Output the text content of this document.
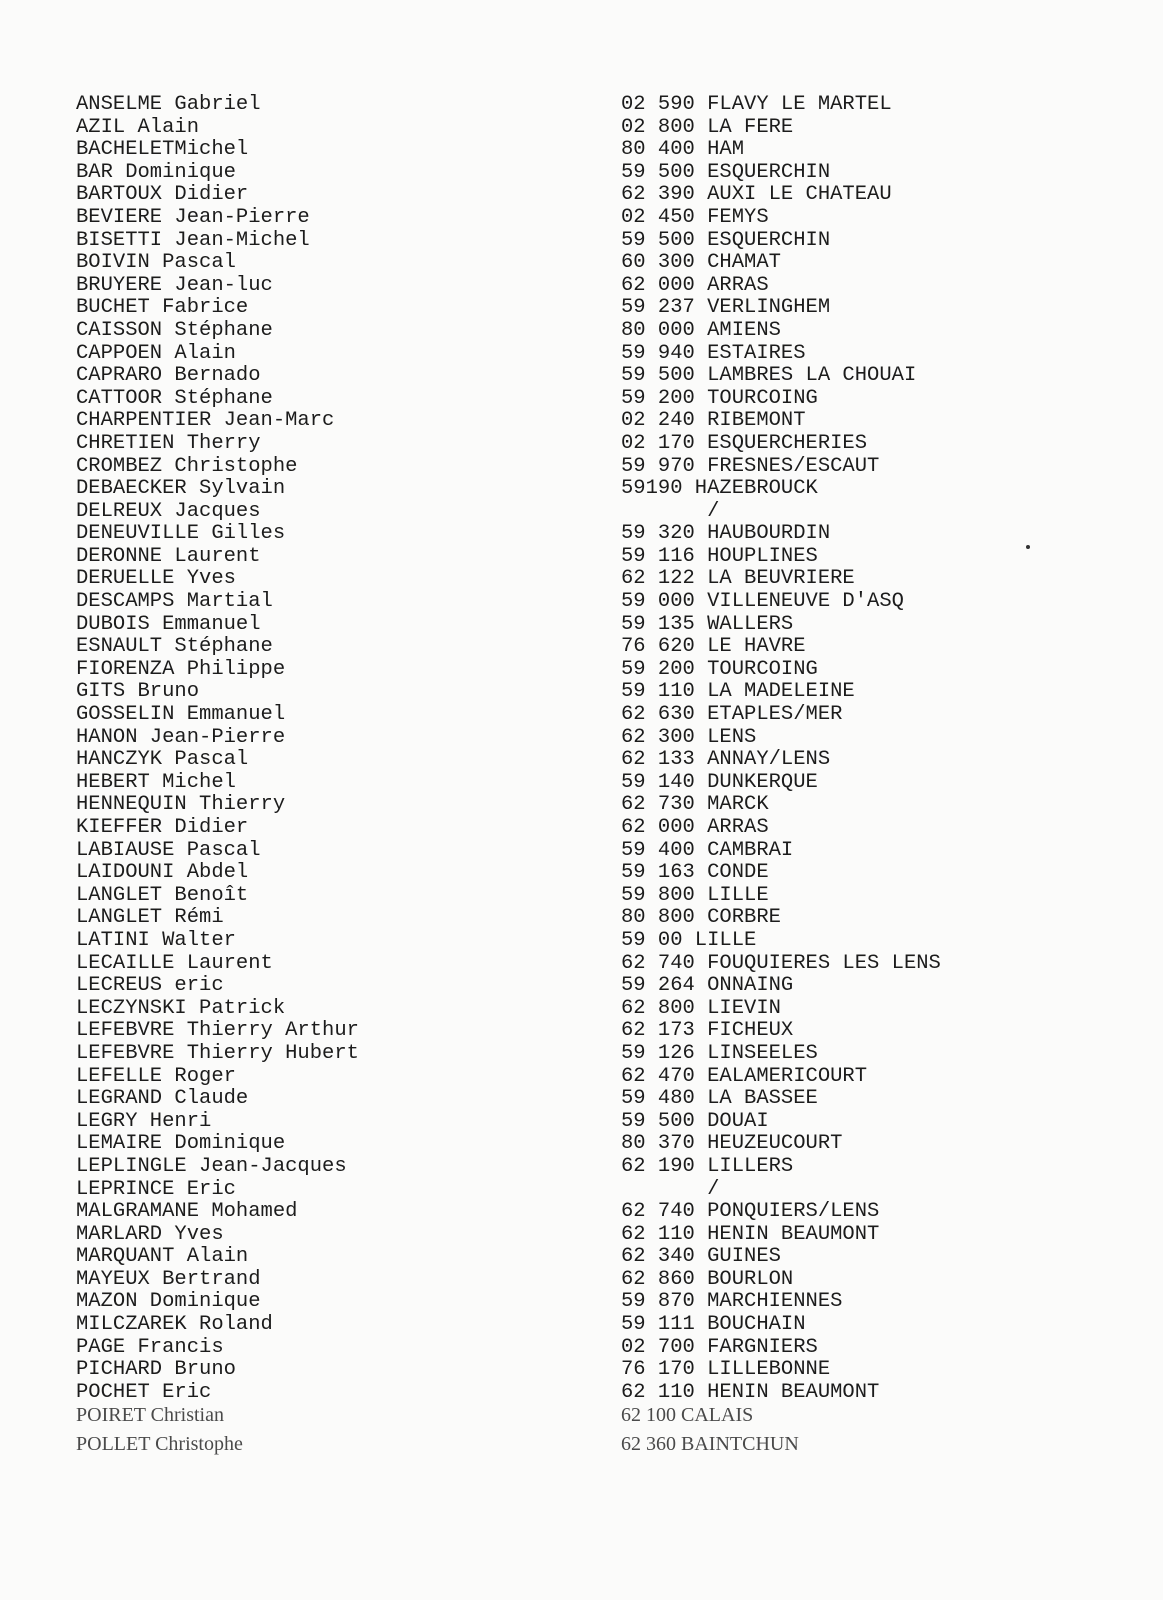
ANSELME Gabriel	02 590 FLAVY LE MARTEL
AZIL Alain	02 800 LA FERE
BACHELETMichel	80 400 HAM
BAR Dominique	59 500 ESQUERCHIN
BARTOUX Didier	62 390 AUXI LE CHATEAU
BEVIERE Jean-Pierre	02 450 FEMYS
BISETTI Jean-Michel	59 500 ESQUERCHIN
BOIVIN Pascal	60 300 CHAMAT
BRUYERE Jean-luc	62 000 ARRAS
BUCHET Fabrice	59 237 VERLINGHEM
CAISSON Stéphane	80 000 AMIENS
CAPPOEN Alain	59 940 ESTAIRES
CAPRARO Bernado	59 500 LAMBRES LA CHOUAI
CATTOOR Stéphane	59 200 TOURCOING
CHARPENTIER Jean-Marc	02 240 RIBEMONT
CHRETIEN Therry	02 170 ESQUERCHERIES
CROMBEZ Christophe	59 970 FRESNES/ESCAUT
DEBAECKER Sylvain	59190 HAZEBROUCK
DELREUX Jacques	/
DENEUVILLE Gilles	59 320 HAUBOURDIN
DERONNE Laurent	59 116 HOUPLINES
DERUELLE Yves	62 122 LA BEUVRIERE
DESCAMPS Martial	59 000 VILLENEUVE D'ASQ
DUBOIS Emmanuel	59 135 WALLERS
ESNAULT Stéphane	76 620 LE HAVRE
FIORENZA Philippe	59 200 TOURCOING
GITS Bruno	59 110 LA MADELEINE
GOSSELIN Emmanuel	62 630 ETAPLES/MER
HANON Jean-Pierre	62 300 LENS
HANCZYK Pascal	62 133 ANNAY/LENS
HEBERT Michel	59 140 DUNKERQUE
HENNEQUIN Thierry	62 730 MARCK
KIEFFER Didier	62 000 ARRAS
LABIAUSE Pascal	59 400 CAMBRAI
LAIDOUNI Abdel	59 163 CONDE
LANGLET Benoît	59 800 LILLE
LANGLET Rémi	80 800 CORBRE
LATINI Walter	59 00 LILLE
LECAILLE Laurent	62 740 FOUQUIERES LES LENS
LECREUS eric	59 264 ONNAING
LECZYNSKI Patrick	62 800 LIEVIN
LEFEBVRE Thierry Arthur	62 173 FICHEUX
LEFEBVRE Thierry Hubert	59 126 LINSEELES
LEFELLE Roger	62 470 EALAMERICOURT
LEGRAND Claude	59 480 LA BASSEE
LEGRY Henri	59 500 DOUAI
LEMAIRE Dominique	80 370 HEUZEUCOURT
LEPLINGLE Jean-Jacques	62 190 LILLERS
LEPRINCE Eric	/
MALGRAMANE Mohamed	62 740 PONQUIERS/LENS
MARLARD Yves	62 110 HENIN BEAUMONT
MARQUANT Alain	62 340 GUINES
MAYEUX Bertrand	62 860 BOURLON
MAZON Dominique	59 870 MARCHIENNES
MILCZAREK Roland	59 111 BOUCHAIN
PAGE Francis	02 700 FARGNIERS
PICHARD Bruno	76 170 LILLEBONNE
POCHET Eric	62 110 HENIN BEAUMONT
POIRET Christian	62 100 CALAIS
POLLET Christophe	62 360 BAINTCHUN
